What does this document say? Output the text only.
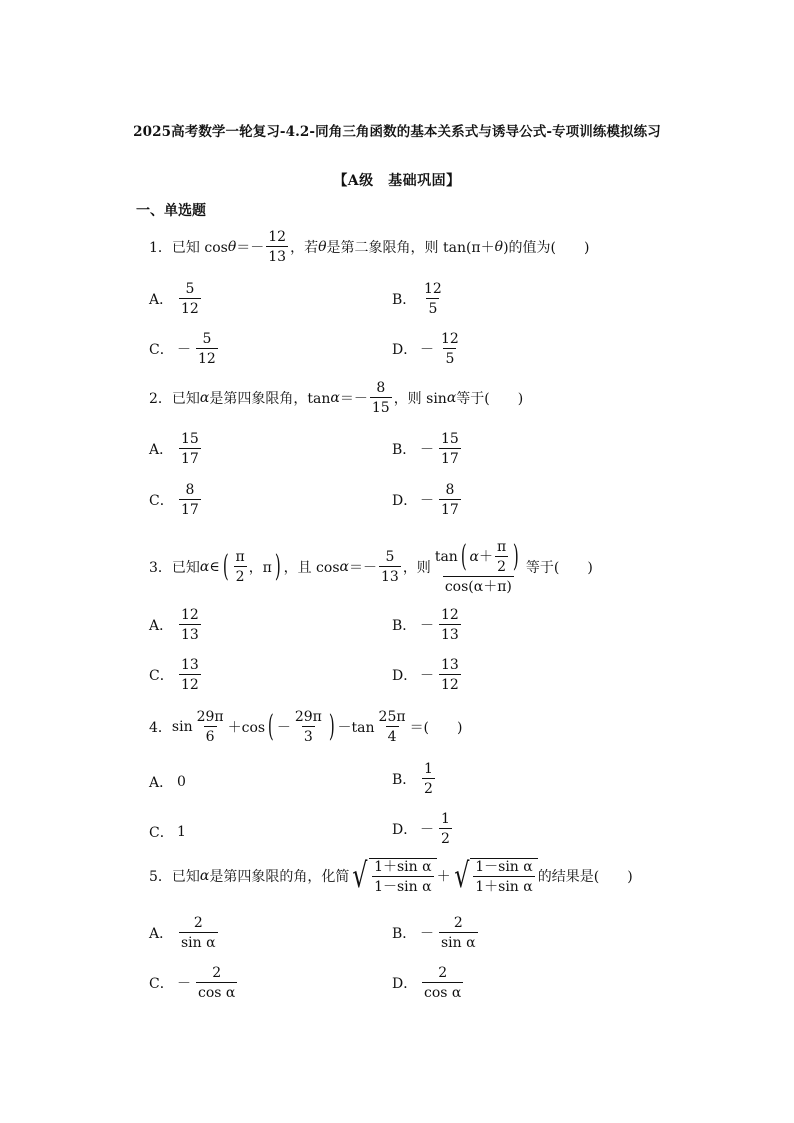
2025高考数学一轮复习-4.2-同角三角函数的基本关系式与诱导公式-专项训练模拟练习
【A级　基础巩固】
一、单选题
1． 已知 $\cos \theta =- \frac{12}{13}$ ，若 θ 是第二象限角，则 tan(π＋ θ )的值为(　　)
A． $\frac{5}{12}$	B． $\frac{12}{5}$
C． － $\frac{5}{12}$	D． － $\frac{12}{5}$
2． 已知 α 是第四象限角，$\tan \alpha =- \frac{8}{15}$ ，则 sin α 等于(　　)
A． $\frac{15}{17}$	B． － $\frac{15}{17}$
C． $\frac{8}{17}$	D． － $\frac{8}{17}$
3． 已知 α ∈ ( $\frac{\pi}{2}$ ，π ) ，且 $\cos \alpha =- \frac{5}{13}$ ，则 $\frac{\tan ( \alpha + \frac{\pi}{2} )}{\cos(\alpha+\pi)}$ 等于(　　)
A． $\frac{12}{13}$	B． － $\frac{12}{13}$
C． $\frac{13}{12}$	D． － $\frac{13}{12}$
4． $\sin \frac{29\pi}{6} +\cos$ ( － $\frac{29\pi}{3}$ ) $-\tan \frac{25\pi}{4}$ ＝(　　)
A． 0	B． $\frac{1}{2}$
C． 1	D． － $\frac{1}{2}$
5． 已知 α 是第四象限的角，化简 √ $\frac{\text{1＋sin α}}{\text{1－sin α}}$ ＋ √ $\frac{\text{1－sin α}}{\text{1＋sin α}}$ 的结果是(　　)
A． $\frac{2}{\text{sin α}}$	B． － $\frac{2}{\text{sin α}}$
C． － $\frac{2}{\text{cos α}}$	D． $\frac{2}{\text{cos α}}$
